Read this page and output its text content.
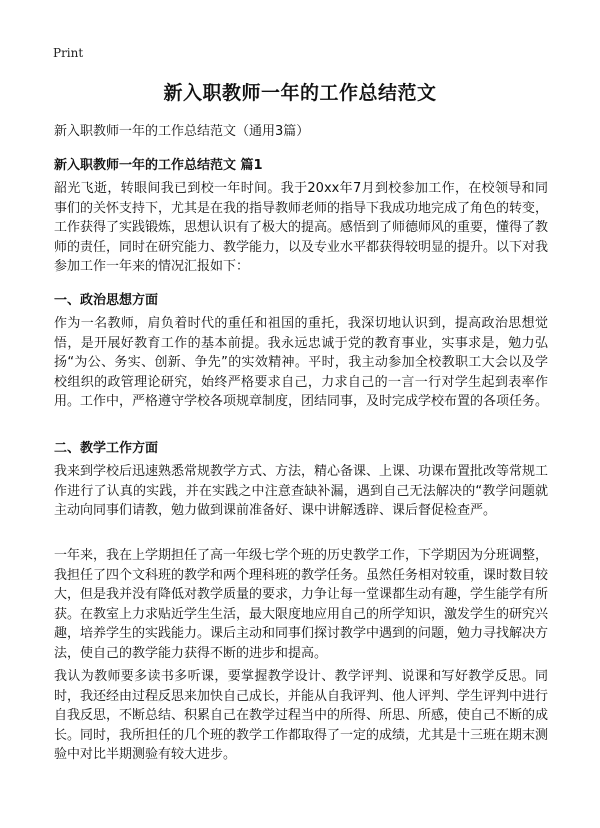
Print
新入职教师一年的工作总结范文
新入职教师一年的工作总结范文（通用3篇）
新入职教师一年的工作总结范文 篇1
韶光飞逝，转眼间我已到校一年时间。我于20xx年7月到校参加工作，在校领导和同事们的关怀支持下，尤其是在我的指导教师老师的指导下我成功地完成了角色的转变，工作获得了实践锻炼，思想认识有了极大的提高。感悟到了师德师风的重要，懂得了教师的责任，同时在研究能力、教学能力，以及专业水平都获得较明显的提升。以下对我参加工作一年来的情况汇报如下：
一、政治思想方面
作为一名教师，肩负着时代的重任和祖国的重托，我深切地认识到，提高政治思想觉悟，是开展好教育工作的基本前提。我永远忠诚于党的教育事业，实事求是，勉力弘扬“为公、务实、创新、争先”的实效精神。平时，我主动参加全校教职工大会以及学校组织的政管理论研究，始终严格要求自己，力求自己的一言一行对学生起到表率作用。工作中，严格遵守学校各项规章制度，团结同事，及时完成学校布置的各项任务。
二、教学工作方面
我来到学校后迅速熟悉常规教学方式、方法，精心备课、上课、功课布置批改等常规工作进行了认真的实践，并在实践之中注意查缺补漏，遇到自己无法解决的“教学问题就主动向同事们请教，勉力做到课前准备好、课中讲解透辟、课后督促检查严。
一年来，我在上学期担任了高一年级七学个班的历史教学工作，下学期因为分班调整，我担任了四个文科班的教学和两个理科班的教学任务。虽然任务相对较重，课时数目较大，但是我并没有降低对教学质量的要求，力争让每一堂课都生动有趣，学生能学有所获。在教室上力求贴近学生生活，最大限度地应用自己的所学知识，激发学生的研究兴趣，培养学生的实践能力。课后主动和同事们探讨教学中遇到的问题，勉力寻找解决方法，使自己的教学能力获得不断的进步和提高。
我认为教师要多读书多听课，要掌握教学设计、教学评判、说课和写好教学反思。同时，我还经由过程反思来加快自己成长，并能从自我评判、他人评判、学生评判中进行自我反思，不断总结、积累自己在教学过程当中的所得、所思、所感，使自己不断的成长。同时，我所担任的几个班的教学工作都取得了一定的成绩，尤其是十三班在期末测验中对比半期测验有较大进步。
